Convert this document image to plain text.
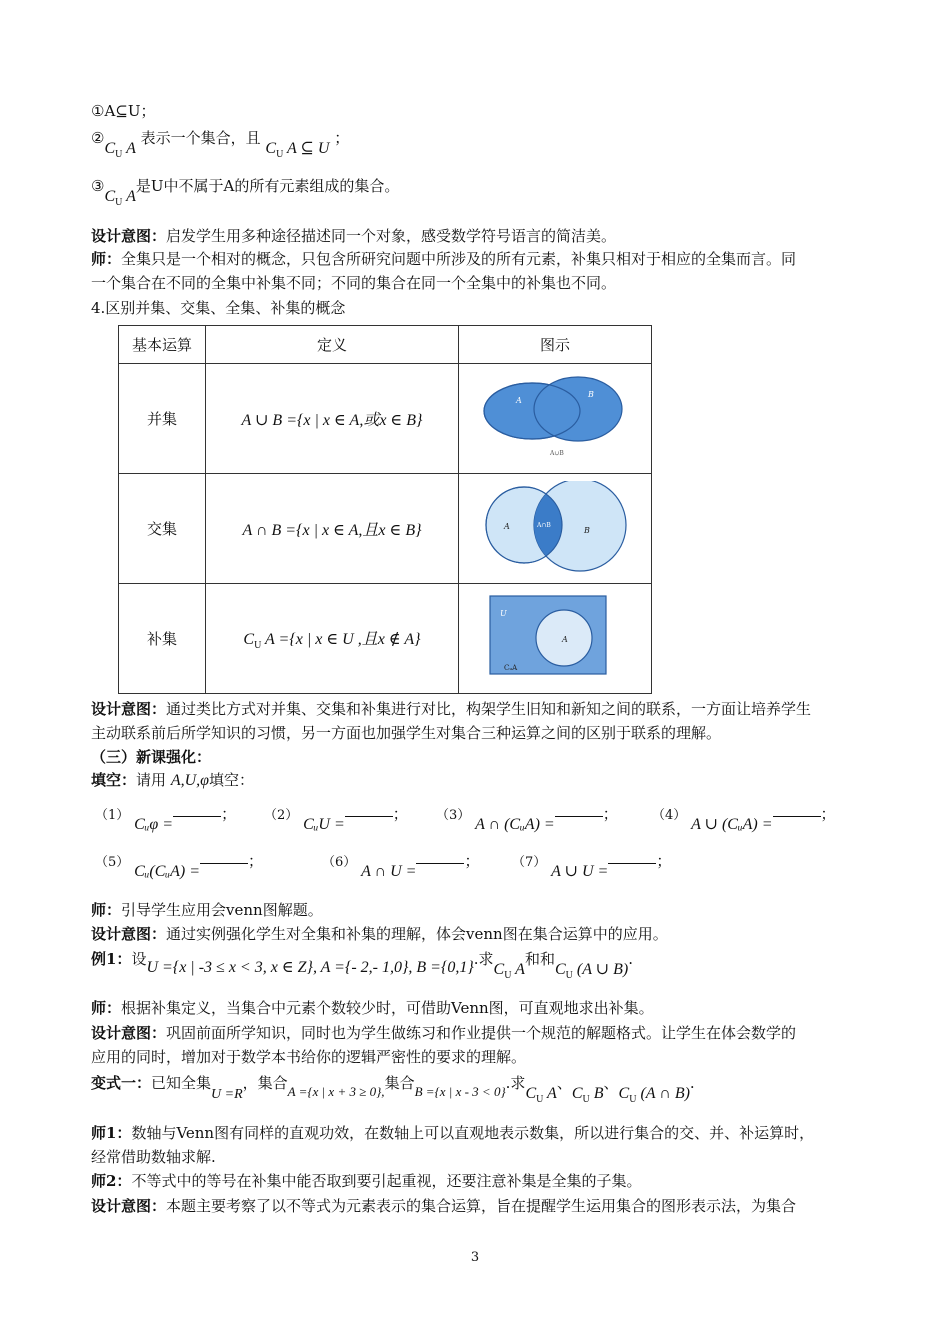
①A⊆U；
$②C_U$ A 表示一个集合，且 $C_U$ A ⊆ U ；
$③C_U$ A是U中不属于A的所有元素组成的集合。
设计意图：启发学生用多种途径描述同一个对象，感受数学符号语言的简洁美。
师：全集只是一个相对的概念，只包含所研究问题中所涉及的所有元素，补集只相对于相应的全集而言。同
一个集合在不同的全集中补集不同；不同的集合在同一个全集中的补集也不同。
4.区别并集、交集、全集、补集的概念
基本运算	定义	图示
并集	A ∪ B ={x | x ∈ A,或x ∈ B}	A
B
A∪B

交集	A ∩ B ={x | x ∈ A,且x ∈ B}	A B
A∩B

补集	$C_U$ A ={x | x ∈ U ,且x ∉ A}	U
A
CᵤA
设计意图：通过类比方式对并集、交集和补集进行对比，构架学生旧知和新知之间的联系，一方面让培养学生
主动联系前后所学知识的习惯，另一方面也加强学生对集合三种运算之间的区别于联系的理解。
（三）新课强化：
填空：请用 A,U,φ填空：
（1） Cᵤφ =； （2） CᵤU =； （3） A ∩ (CᵤA) =；	（4） A ∪ (CᵤA) =；
（5） Cᵤ(CᵤA) =；	（6） A ∩ U =；	（7） A ∪ U =；
师：引导学生应用会venn图解题。
设计意图：通过实例强化学生对全集和补集的理解，体会venn图在集合运算中的应用。
例1：设U ={x | -3 ≤ x < 3, x ∈ Z}, A ={- 2,- 1,0}, B ={0,1}.求$C_U$ A和和$C_U$ (A ∪ B).
师：根据补集定义，当集合中元素个数较少时，可借助Venn图，可直观地求出补集。
设计意图：巩固前面所学知识，同时也为学生做练习和作业提供一个规范的解题格式。让学生在体会数学的
应用的同时，增加对于数学本书给你的逻辑严密性的要求的理解。
变式一：已知全集U =R，集合A ={x | x + 3 ≥ 0},集合B ={x | x - 3 < 0}.求$C_U$ A、$C_U$ B、$C_U$ (A ∩ B).
师1：数轴与Venn图有同样的直观功效，在数轴上可以直观地表示数集，所以进行集合的交、并、补运算时，
经常借助数轴求解.
师2：不等式中的等号在补集中能否取到要引起重视，还要注意补集是全集的子集。
设计意图：本题主要考察了以不等式为元素表示的集合运算，旨在提醒学生运用集合的图形表示法，为集合
3
